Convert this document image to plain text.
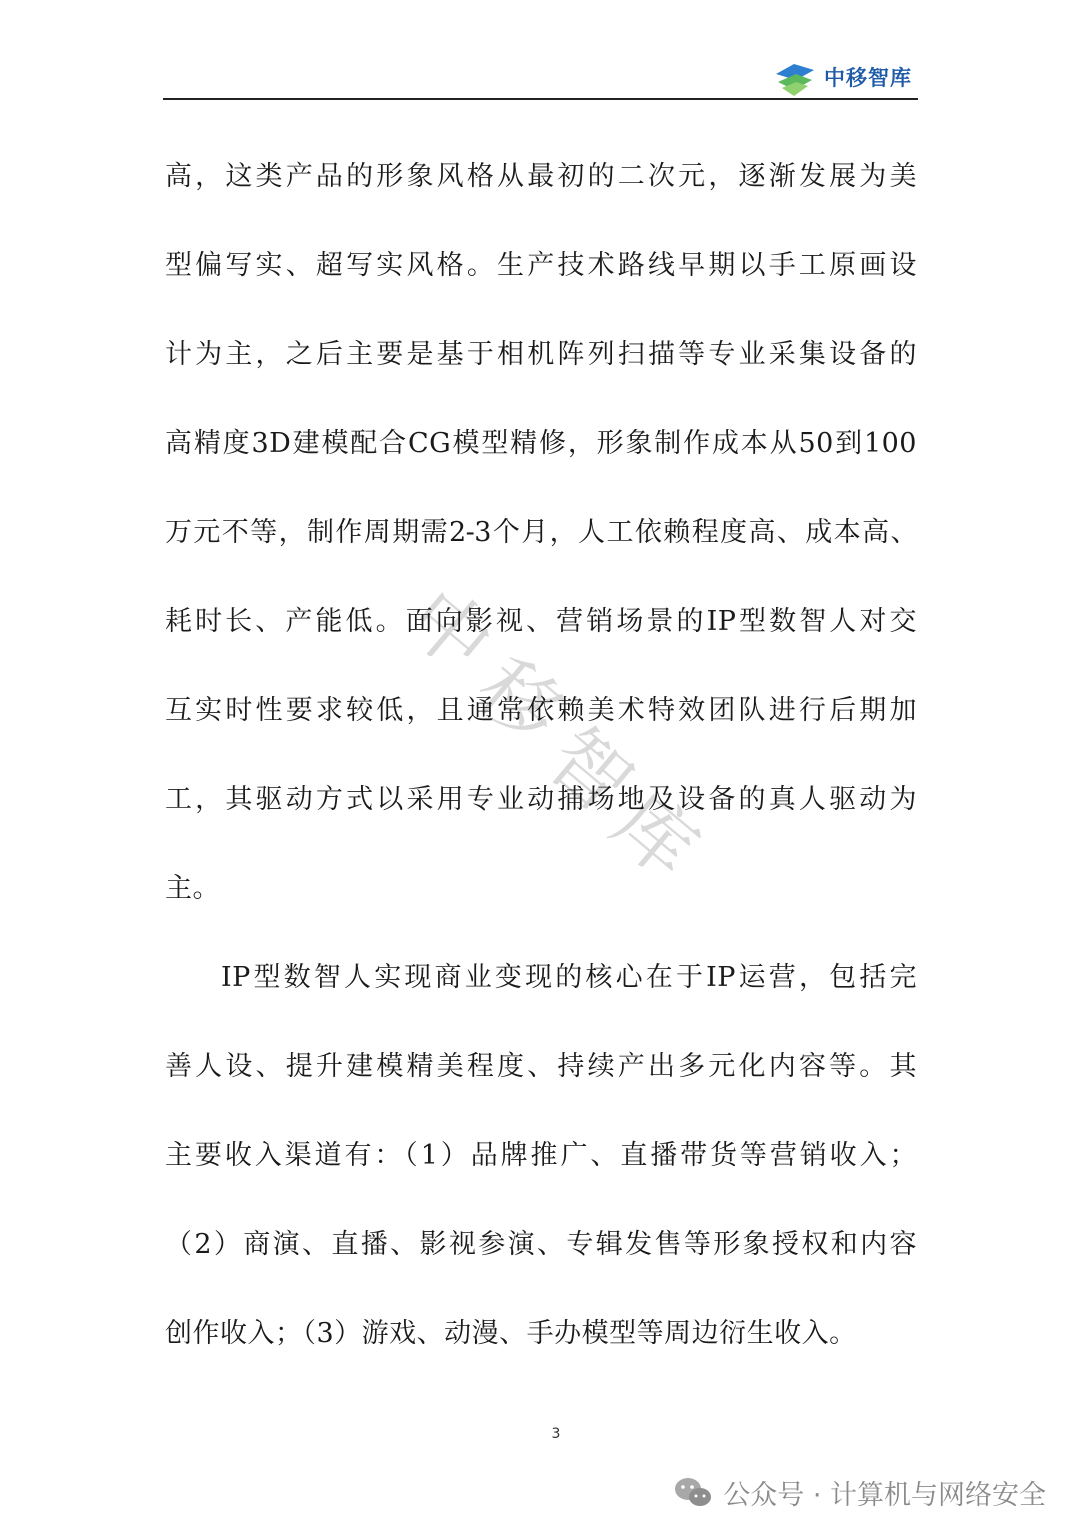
中移智库
中
移
智
库
高，这类产品的形象风格从最初的二次元，逐渐发展为美
型偏写实、超写实风格。生产技术路线早期以手工原画设
计为主，之后主要是基于相机阵列扫描等专业采集设备的
高精度3D建模配合CG模型精修，形象制作成本从50到100
万元不等，制作周期需2-3个月，人工依赖程度高、成本高、
耗时长、产能低。面向影视、营销场景的IP型数智人对交
互实时性要求较低，且通常依赖美术特效团队进行后期加
工，其驱动方式以采用专业动捕场地及设备的真人驱动为
主。
IP型数智人实现商业变现的核心在于IP运营，包括完
善人设、提升建模精美程度、持续产出多元化内容等。其
主要收入渠道有：（1）品牌推广、直播带货等营销收入；
（2）商演、直播、影视参演、专辑发售等形象授权和内容
创作收入；（3）游戏、动漫、手办模型等周边衍生收入。
3
公众号 · 计算机与网络安全
